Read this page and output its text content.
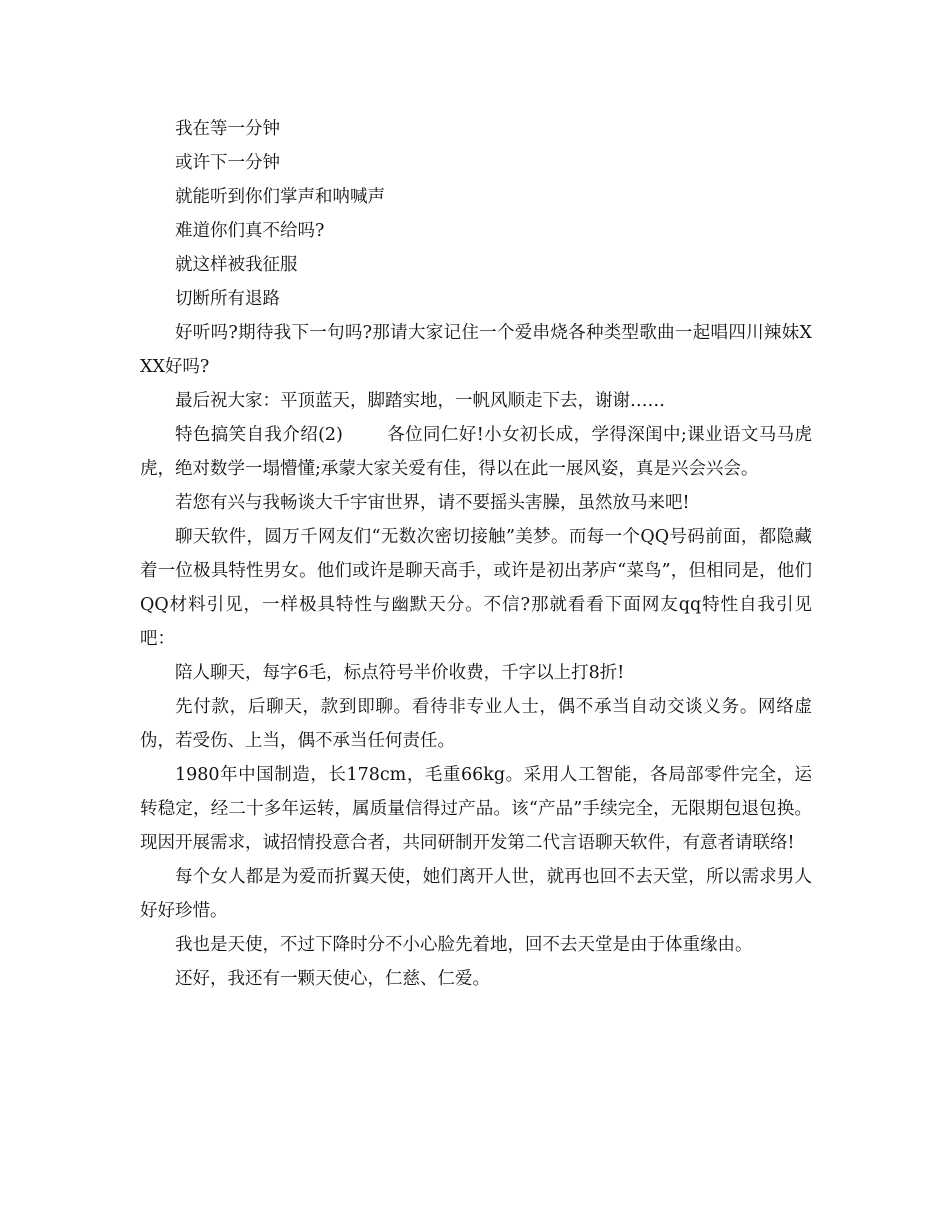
我在等一分钟

或许下一分钟

就能听到你们掌声和呐喊声

难道你们真不给吗?

就这样被我征服

切断所有退路

好听吗?期待我下一句吗?那请大家记住一个爱串烧各种类型歌曲一起唱四川辣妹XXX好吗?

最后祝大家：平顶蓝天，脚踏实地，一帆风顺走下去，谢谢……

特色搞笑自我介绍(2)	各位同仁好!小女初长成，学得深闺中;课业语文马马虎虎，绝对数学一塌懵懂;承蒙大家关爱有佳，得以在此一展风姿，真是兴会兴会。

若您有兴与我畅谈大千宇宙世界，请不要摇头害臊，虽然放马来吧!

聊天软件，圆万千网友们“无数次密切接触”美梦。而每一个QQ号码前面，都隐藏着一位极具特性男女。他们或许是聊天高手，或许是初出茅庐“菜鸟”，但相同是，他们QQ材料引见，一样极具特性与幽默天分。不信?那就看看下面网友qq特性自我引见吧：

陪人聊天，每字6毛，标点符号半价收费，千字以上打8折!

先付款，后聊天，款到即聊。看待非专业人士，偶不承当自动交谈义务。网络虚伪，若受伤、上当，偶不承当任何责任。

1980年中国制造，长178cm，毛重66kg。采用人工智能，各局部零件完全，运转稳定，经二十多年运转，属质量信得过产品。该“产品”手续完全，无限期包退包换。现因开展需求，诚招情投意合者，共同研制开发第二代言语聊天软件，有意者请联络!

每个女人都是为爱而折翼天使，她们离开人世，就再也回不去天堂，所以需求男人好好珍惜。

我也是天使，不过下降时分不小心脸先着地，回不去天堂是由于体重缘由。

还好，我还有一颗天使心，仁慈、仁爱。
